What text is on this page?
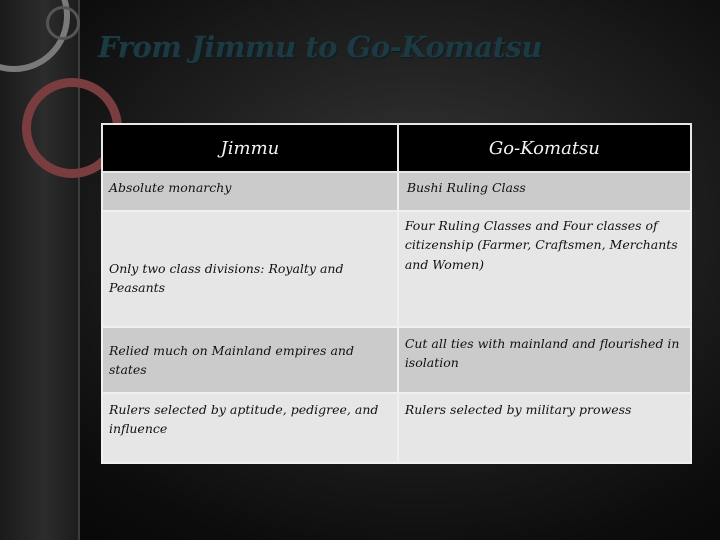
From Jimmu to Go-Komatsu
Jimmu	Go-Komatsu
Absolute monarchy	Bushi Ruling Class
Only two class divisions: Royalty and Peasants	Four Ruling Classes and Four classes of citizenship (Farmer, Craftsmen, Merchants and Women)
Relied much on Mainland empires and states	Cut all ties with mainland and flourished in isolation
Rulers selected by aptitude, pedigree, and influence	Rulers selected by military prowess
